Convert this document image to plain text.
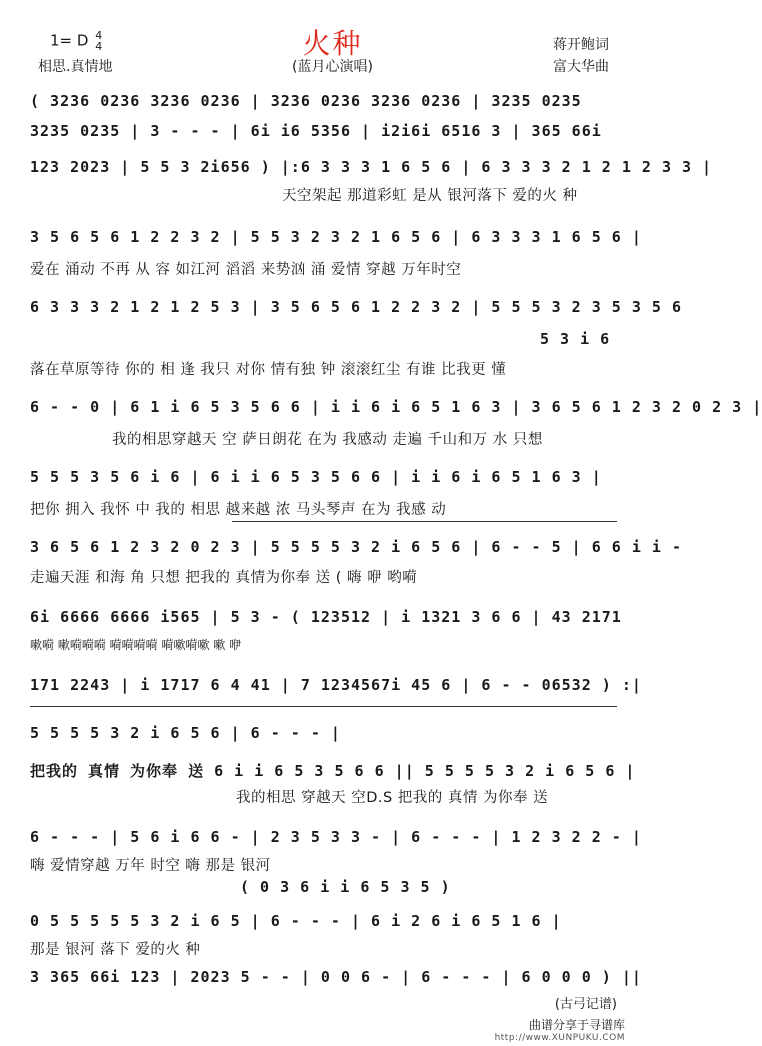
火种
1= D 4
4
相思.真情地	(蓝月心演唱)
蒋开鲍词
富大华曲
( 3236 0236 3236 0236 | 3236 0236 3236 0236 | 3235 0235
3235 0235 | 3 - - - | 6i i6 5356 | i2i6i 6516 3 | 365 66i
123 2023 | 5 5 3 2i656 ) |:6 3 3 3 1 6 5 6 | 6 3 3 3 2 1 2 1 2 3 3 |
天空架起 那道彩虹 是从 银河落下 爱的火 种
3 5 6 5 6 1 2 2 3 2 | 5 5 3 2 3 2 1 6 5 6 | 6 3 3 3 1 6 5 6 |
爱在 涌动 不再 从 容 如江河 滔滔 来势汹 涌 爱情 穿越 万年时空
6 3 3 3 2 1 2 1 2 5 3 | 3 5 6 5 6 1 2 2 3 2 | 5 5 5 3 2 3 5 3 5 6
5 3 i 6
落在草原等待 你的 相 逢 我只 对你 情有独 钟 滚滚红尘 有谁 比我更 懂
6 - - 0 | 6 1 i 6 5 3 5 6 6 | i i 6 i 6 5 1 6 3 | 3 6 5 6 1 2 3 2 0 2 3 |
我的相思穿越天 空 萨日朗花 在为 我感动 走遍 千山和万 水 只想
5 5 5 3 5 6 i 6 | 6 i i 6 5 3 5 6 6 | i i 6 i 6 5 1 6 3 |
把你 拥入 我怀 中 我的 相思 越来越 浓 马头琴声 在为 我感 动
3 6 5 6 1 2 3 2 0 2 3 | 5 5 5 5 3 2 i 6 5 6 | 6 - - 5 | 6 6 i i -
走遍天涯 和海 角 只想 把我的 真情为你奉 送 ( 嗨 咿 哟嗬
6i 6666 6666 i565 | 5 3 - ( 123512 | i 1321 3 6 6 | 43 2171
嗽嗬 嗽嗬嗬嗬 嗬嗬嗬嗬 嗬嗽嗬嗽 嗽 咿
171 2243 | i 1717 6 4 41 | 7 1234567i 45 6 | 6 - - 06532 ) :|
5 5 5 5 3 2 i 6 5 6 | 6 - - - |
把我的 真情 为你奉 送 6 i i 6 5 3 5 6 6 || 5 5 5 5 3 2 i 6 5 6 |
我的相思 穿越天 空D.S 把我的 真情 为你奉 送
6 - - - | 5 6 i 6 6 - | 2 3 5 3 3 - | 6 - - - | 1 2 3 2 2 - |
嗨 爱情穿越 万年 时空 嗨 那是 银河
( 0 3 6 i i 6 5 3 5 )
0 5 5 5 5 5 3 2 i 6 5 | 6 - - - | 6 i 2 6 i 6 5 1 6 |
那是 银河 落下 爱的火 种
3 365 66i 123 | 2023 5 - - | 0 0 6 - | 6 - - - | 6 0 0 0 ) ||
(古弓记谱)
曲谱分享于寻谱库
http://www.XUNPUKU.COM
